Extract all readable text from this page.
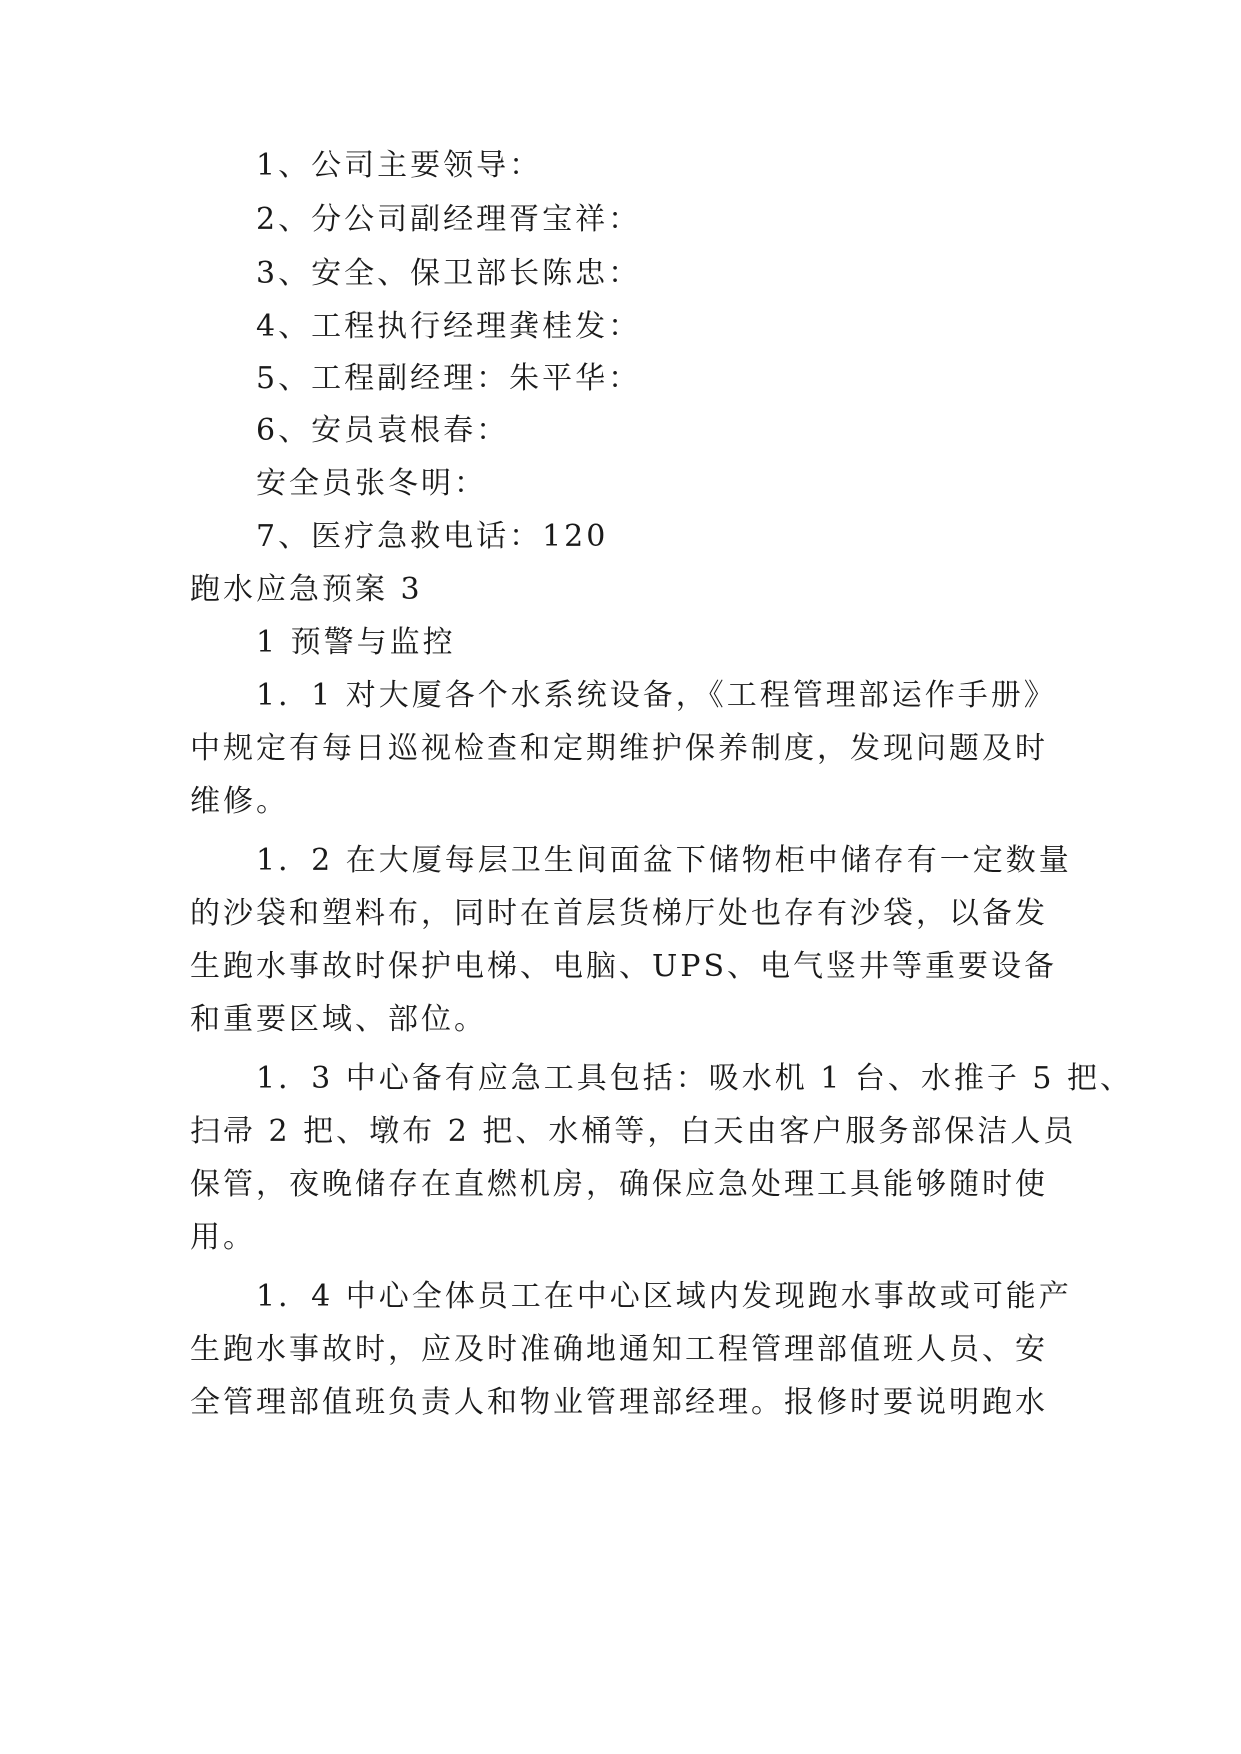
1、公司主要领导：
2、分公司副经理胥宝祥：
3、安全、保卫部长陈忠：
4、工程执行经理龚桂发：
5、工程副经理：朱平华：
6、安员袁根春：
安全员张冬明：
7、医疗急救电话：120
跑水应急预案 3
1 预警与监控
1．1 对大厦各个水系统设备，《工程管理部运作手册》
中规定有每日巡视检查和定期维护保养制度，发现问题及时
维修。
1．2 在大厦每层卫生间面盆下储物柜中储存有一定数量
的沙袋和塑料布，同时在首层货梯厅处也存有沙袋，以备发
生跑水事故时保护电梯、电脑、UPS、电气竖井等重要设备
和重要区域、部位。
1．3 中心备有应急工具包括：吸水机 1 台、水推子 5 把、
扫帚 2 把、墩布 2 把、水桶等，白天由客户服务部保洁人员
保管，夜晚储存在直燃机房，确保应急处理工具能够随时使
用。
1．4 中心全体员工在中心区域内发现跑水事故或可能产
生跑水事故时，应及时准确地通知工程管理部值班人员、安
全管理部值班负责人和物业管理部经理。报修时要说明跑水
